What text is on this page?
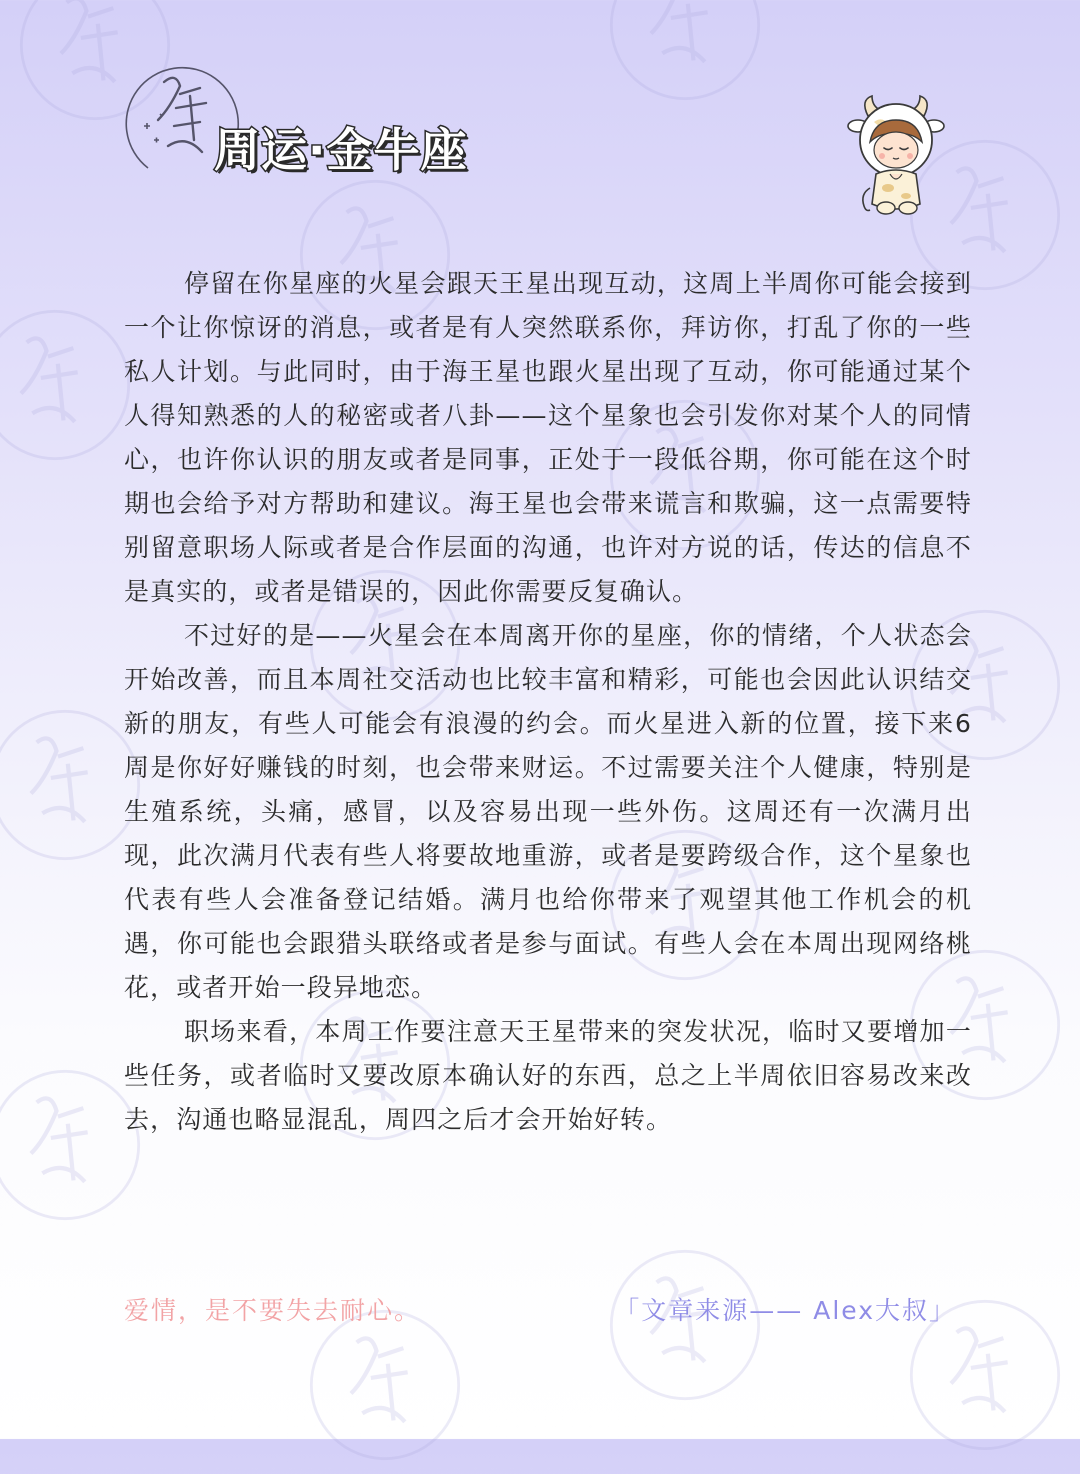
周运·金牛座

停留在你星座的火星会跟天王星出现互动，这周上半周你可能会接到一个让你惊讶的消息，或者是有人突然联系你，拜访你，打乱了你的一些私人计划。与此同时，由于海王星也跟火星出现了互动，你可能通过某个人得知熟悉的人的秘密或者八卦——这个星象也会引发你对某个人的同情心，也许你认识的朋友或者是同事，正处于一段低谷期，你可能在这个时期也会给予对方帮助和建议。海王星也会带来谎言和欺骗，这一点需要特别留意职场人际或者是合作层面的沟通，也许对方说的话，传达的信息不是真实的，或者是错误的，因此你需要反复确认。

不过好的是——火星会在本周离开你的星座，你的情绪，个人状态会开始改善，而且本周社交活动也比较丰富和精彩，可能也会因此认识结交新的朋友，有些人可能会有浪漫的约会。而火星进入新的位置，接下来6周是你好好赚钱的时刻，也会带来财运。不过需要关注个人健康，特别是生殖系统，头痛，感冒，以及容易出现一些外伤。这周还有一次满月出现，此次满月代表有些人将要故地重游，或者是要跨级合作，这个星象也代表有些人会准备登记结婚。满月也给你带来了观望其他工作机会的机遇，你可能也会跟猎头联络或者是参与面试。有些人会在本周出现网络桃花，或者开始一段异地恋。

职场来看，本周工作要注意天王星带来的突发状况，临时又要增加一些任务，或者临时又要改原本确认好的东西，总之上半周依旧容易改来改去，沟通也略显混乱，周四之后才会开始好转。

爱情，是不要失去耐心。	「文章来源—— Alex大叔」
